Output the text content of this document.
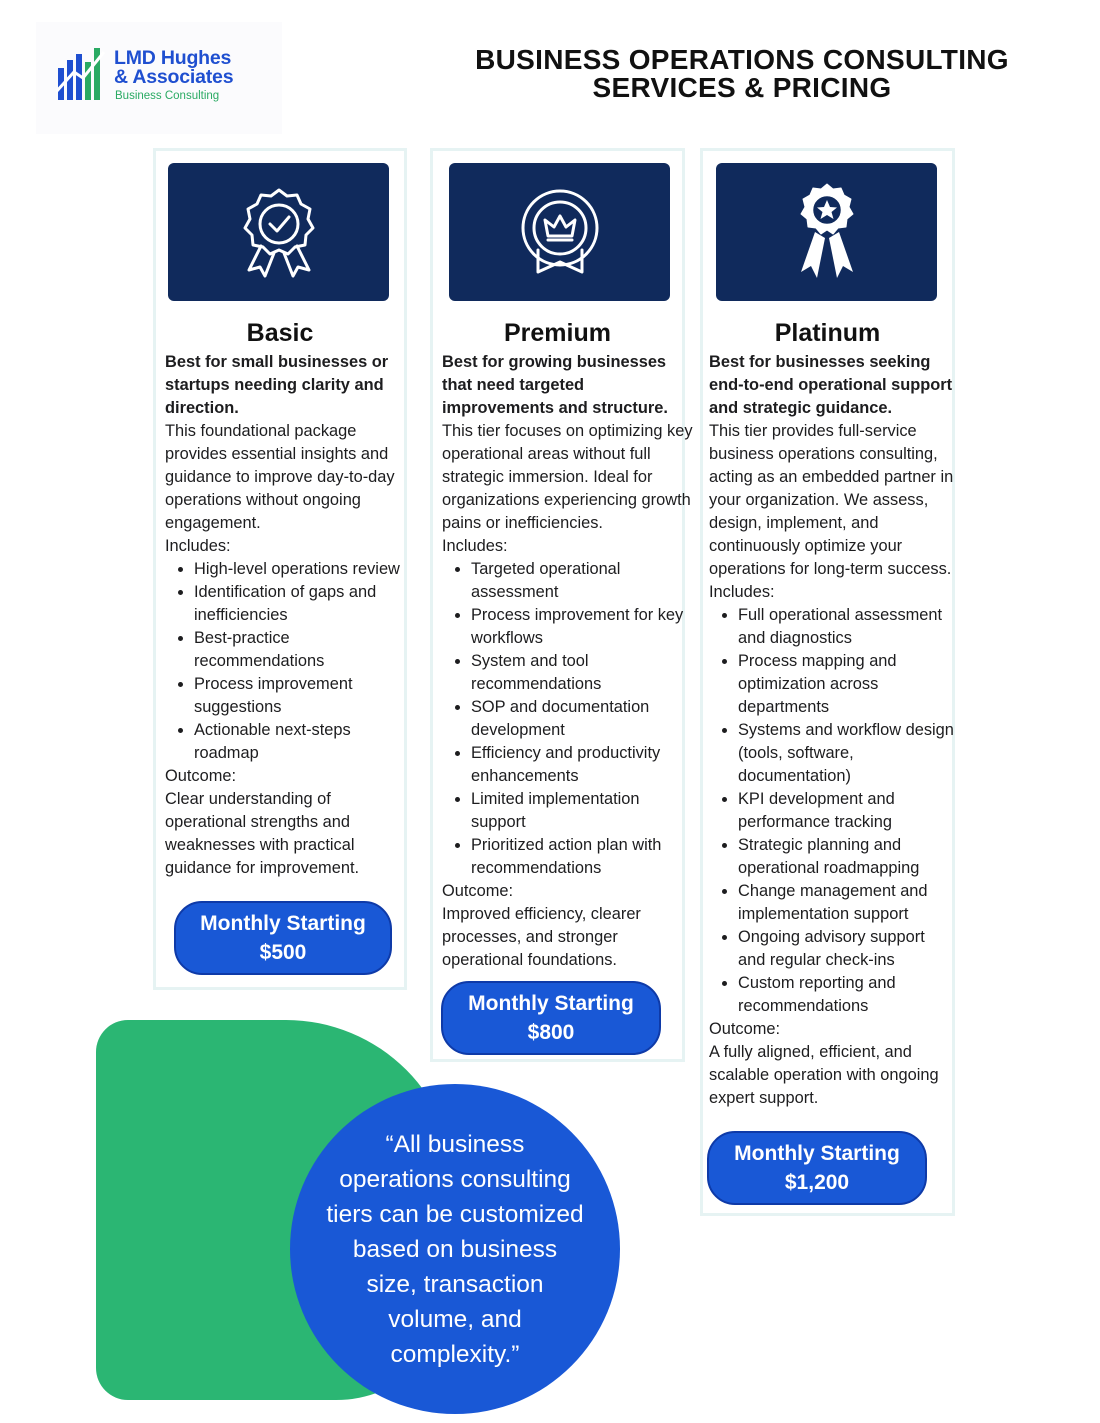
LMD Hughes
& Associates
Business Consulting
BUSINESS OPERATIONS CONSULTING
SERVICES & PRICING
Basic
Best for small businesses or startups needing clarity and direction.
This foundational package provides essential insights and guidance to improve day-to-day operations without ongoing engagement.
Includes:
• High-level operations review
• Identification of gaps and inefficiencies
• Best-practice recommendations
• Process improvement suggestions
• Actionable next-steps roadmap
Outcome:
Clear understanding of operational strengths and weaknesses with practical guidance for improvement.
Monthly Starting
$500
Premium
Best for growing businesses that need targeted improvements and structure.
This tier focuses on optimizing key operational areas without full strategic immersion. Ideal for organizations experiencing growth pains or inefficiencies.
Includes:
• Targeted operational assessment
• Process improvement for key workflows
• System and tool recommendations
• SOP and documentation development
• Efficiency and productivity enhancements
• Limited implementation support
• Prioritized action plan with recommendations
Outcome:
Improved efficiency, clearer processes, and stronger operational foundations.
Monthly Starting
$800
Platinum
Best for businesses seeking end-to-end operational support and strategic guidance.
This tier provides full-service business operations consulting, acting as an embedded partner in your organization. We assess, design, implement, and continuously optimize your operations for long-term success.
Includes:
• Full operational assessment and diagnostics
• Process mapping and optimization across departments
• Systems and workflow design (tools, software, documentation)
• KPI development and performance tracking
• Strategic planning and operational roadmapping
• Change management and implementation support
• Ongoing advisory support and regular check-ins
• Custom reporting and recommendations
Outcome:
A fully aligned, efficient, and scalable operation with ongoing expert support.
Monthly Starting
$1,200
“All business operations consulting tiers can be customized based on business size, transaction volume, and complexity.”
